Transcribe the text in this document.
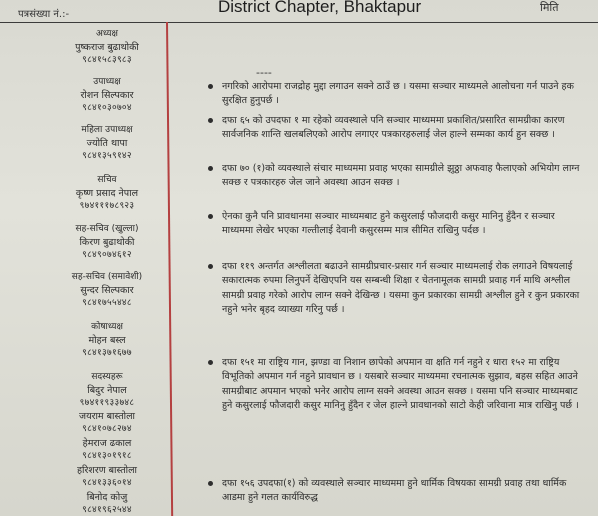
पत्रसंख्या नं.:-	District Chapter, Bhaktapur	मिति
अध्यक्ष
पुष्कराज बुढाथोकी
९८४१५८३९८३
उपाध्यक्ष
रोशन सिल्पकार
९८४१०३०७०४
महिला उपाध्यक्ष
ज्योति थापा
९८४१३५९१४२
सचिव
कृष्ण प्रसाद नेपाल
९७४१११७८९२३
सह-सचिव (खुल्ला)
किरण बुढाथोकी
९८४९०७४६१२
सह-सचिव (समावेशी)
सुन्दर सिल्पकार
९८४१७५५४४८
कोषाध्यक्ष
मोहन बस्ल
९८४१३७१६७७
सदस्यहरू
बिदुर नेपाल
९७४११९३३७४८
जयराम बास्तोला
९८४१०७८२७४
हेमराज ढकाल
९८४१३०१९१८
हरिशरण बास्तोला
९८४१३३६०१४
बिनोद कोजु
९८४१९६२५४४
----
नगरिको आरोपमा राजद्रोह मुद्दा लगाउन सक्ने ठाउँ छ । यसमा सञ्चार माध्यमले आलोचना गर्न पाउने हक सुरक्षित हुनुपर्छ ।
दफा ६५ को उपदफा १ मा रहेको व्यवस्थाले पनि सञ्चार माध्यममा प्रकाशित/प्रसारित सामग्रीका कारण सार्वजनिक शान्ति खलबलिएको आरोप लगाएर पत्रकारहरुलाई जेल हाल्ने सम्मका कार्य हुन सक्छ ।
दफा ७० (१)को व्यवस्थाले संचार माध्यममा प्रवाह भएका सामग्रीले झुठ्ठा अफवाह फैलाएको अभियोग लाग्न सक्छ र पत्रकारहरु जेल जाने अवस्था आउन सक्छ ।
ऐनका कुनै पनि प्रावधानमा सञ्चार माध्यमबाट हुने कसुरलाई फौजदारी कसुर मानिनु हुँदैन र सञ्चार माध्यममा लेखेर भएका गल्तीलाई देवानी कसुरसम्म मात्र सीमित राखिनु पर्दछ ।
दफा ११९ अन्तर्गत अश्लीलता बढाउने सामग्रीप्रचार-प्रसार गर्न सञ्चार माध्यमलाई रोक लगाउने विषयलाई सकारात्मक रुपमा लिनुपर्ने देखिएपनि यस सम्बन्धी शिक्षा र चेतनामूलक सामग्री प्रवाह गर्न माथि अश्लील सामग्री प्रवाह गरेको आरोप लाग्न सक्ने देखिन्छ । यसमा कुन प्रकारका सामग्री अश्लील हुने र कुन प्रकारका नहुने भनेर बृहद व्याख्या गरिनु पर्छ ।
दफा १५१ मा राष्ट्रिय गान, झण्डा वा निशान छापेको अपमान वा क्षति गर्न नहुने र धारा १५२ मा राष्ट्रिय विभूतिको अपमान गर्न नहुने प्रावधान छ । यसबारे सञ्चार माध्यममा रचनात्मक सुझाव, बहस सहित आउने सामग्रीबाट अपमान भएको भनेर आरोप लाग्न सक्ने अवस्था आउन सक्छ । यसमा पनि सञ्चार माध्यमबाट हुने कसुरलाई फौजदारी कसुर मानिनु हुँदैन र जेल हाल्ने प्रावधानको साटो केही जरिवाना मात्र राखिनु पर्छ ।
दफा १५६ उपदफा(१) को व्यवस्थाले सञ्चार माध्यममा हुने धार्मिक विषयका सामग्री प्रवाह तथा धार्मिक आडमा हुने गलत कार्यविरुद्ध
